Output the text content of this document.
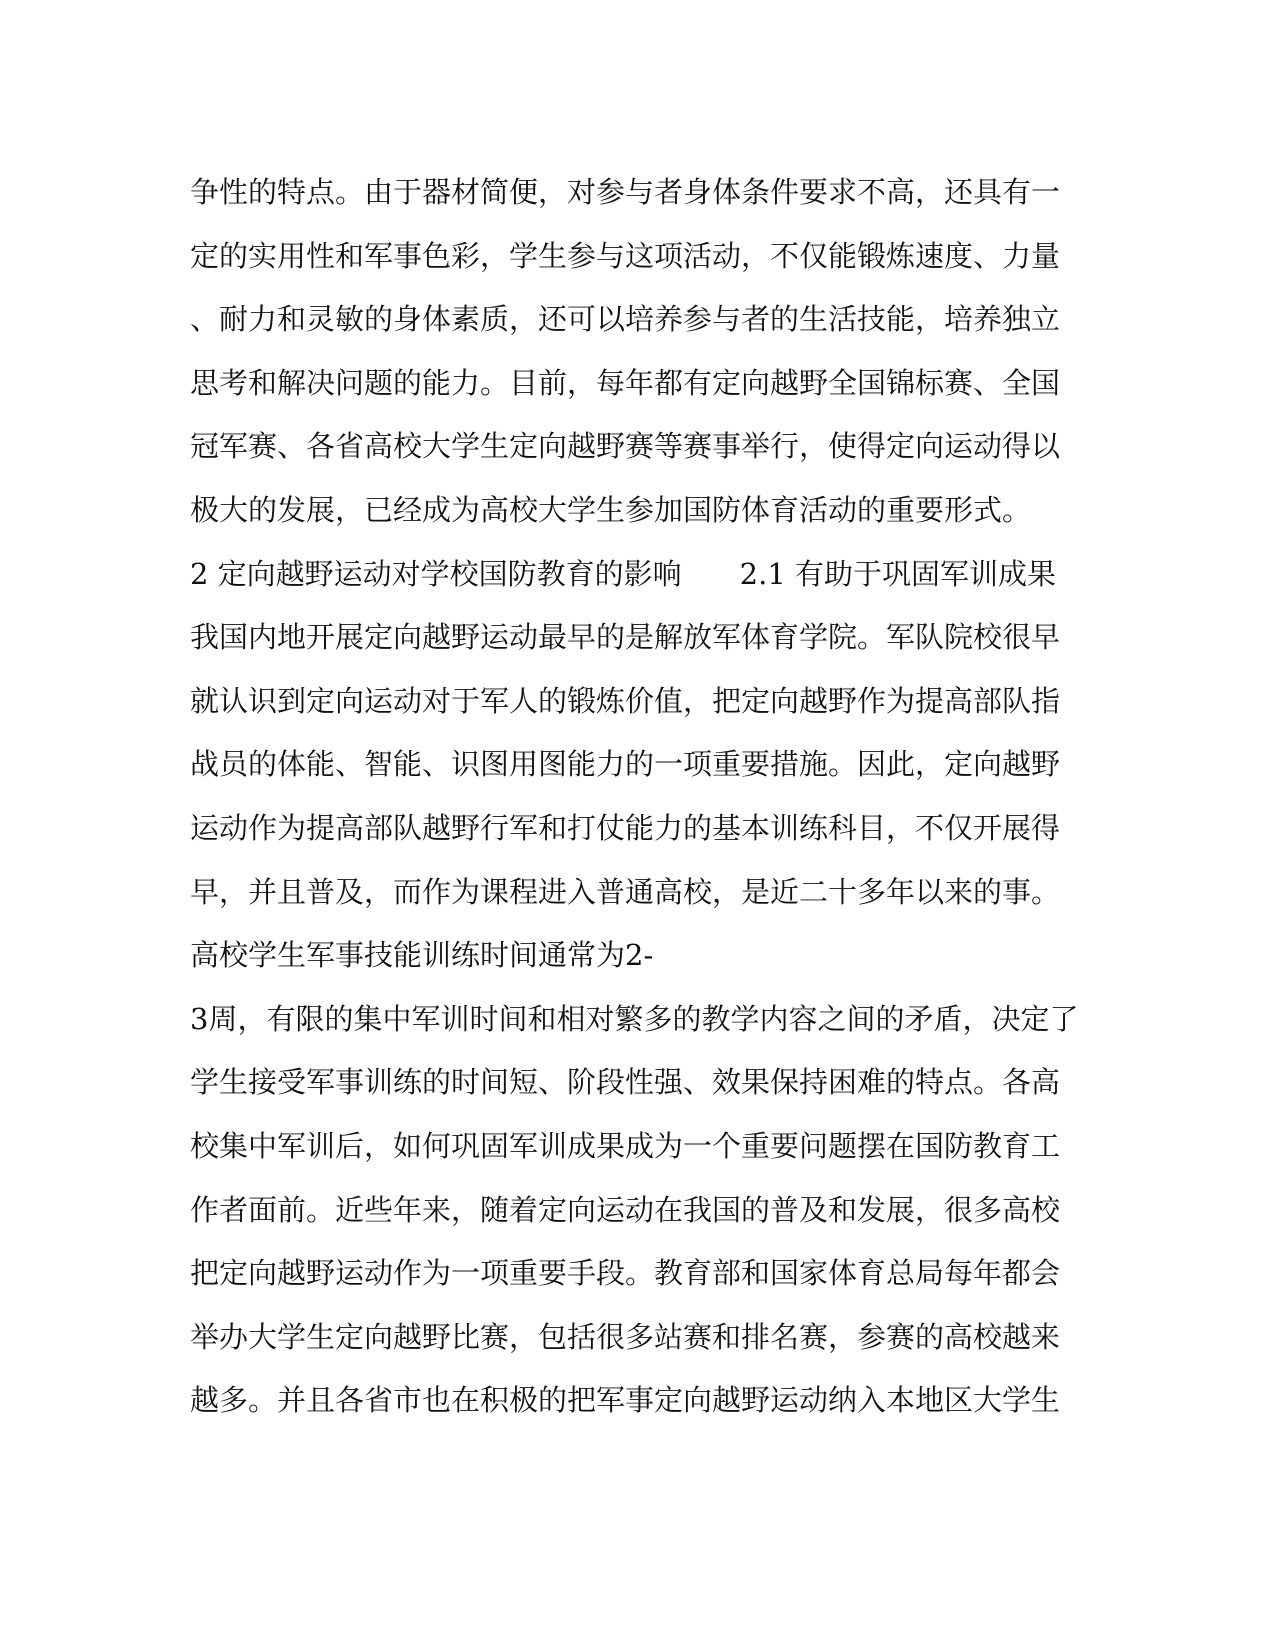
争性的特点。由于器材简便，对参与者身体条件要求不高，还具有一
定的实用性和军事色彩，学生参与这项活动，不仅能锻炼速度、力量
、耐力和灵敏的身体素质，还可以培养参与者的生活技能，培养独立
思考和解决问题的能力。目前，每年都有定向越野全国锦标赛、全国
冠军赛、各省高校大学生定向越野赛等赛事举行，使得定向运动得以
极大的发展，已经成为高校大学生参加国防体育活动的重要形式。
2 定向越野运动对学校国防教育的影响 2.1 有助于巩固军训成果
我国内地开展定向越野运动最早的是解放军体育学院。军队院校很早
就认识到定向运动对于军人的锻炼价值，把定向越野作为提高部队指
战员的体能、智能、识图用图能力的一项重要措施。因此，定向越野
运动作为提高部队越野行军和打仗能力的基本训练科目，不仅开展得
早，并且普及，而作为课程进入普通高校，是近二十多年以来的事。
高校学生军事技能训练时间通常为2-
3周，有限的集中军训时间和相对繁多的教学内容之间的矛盾，决定了
学生接受军事训练的时间短、阶段性强、效果保持困难的特点。各高
校集中军训后，如何巩固军训成果成为一个重要问题摆在国防教育工
作者面前。近些年来，随着定向运动在我国的普及和发展，很多高校
把定向越野运动作为一项重要手段。教育部和国家体育总局每年都会
举办大学生定向越野比赛，包括很多站赛和排名赛，参赛的高校越来
越多。并且各省市也在积极的把军事定向越野运动纳入本地区大学生
